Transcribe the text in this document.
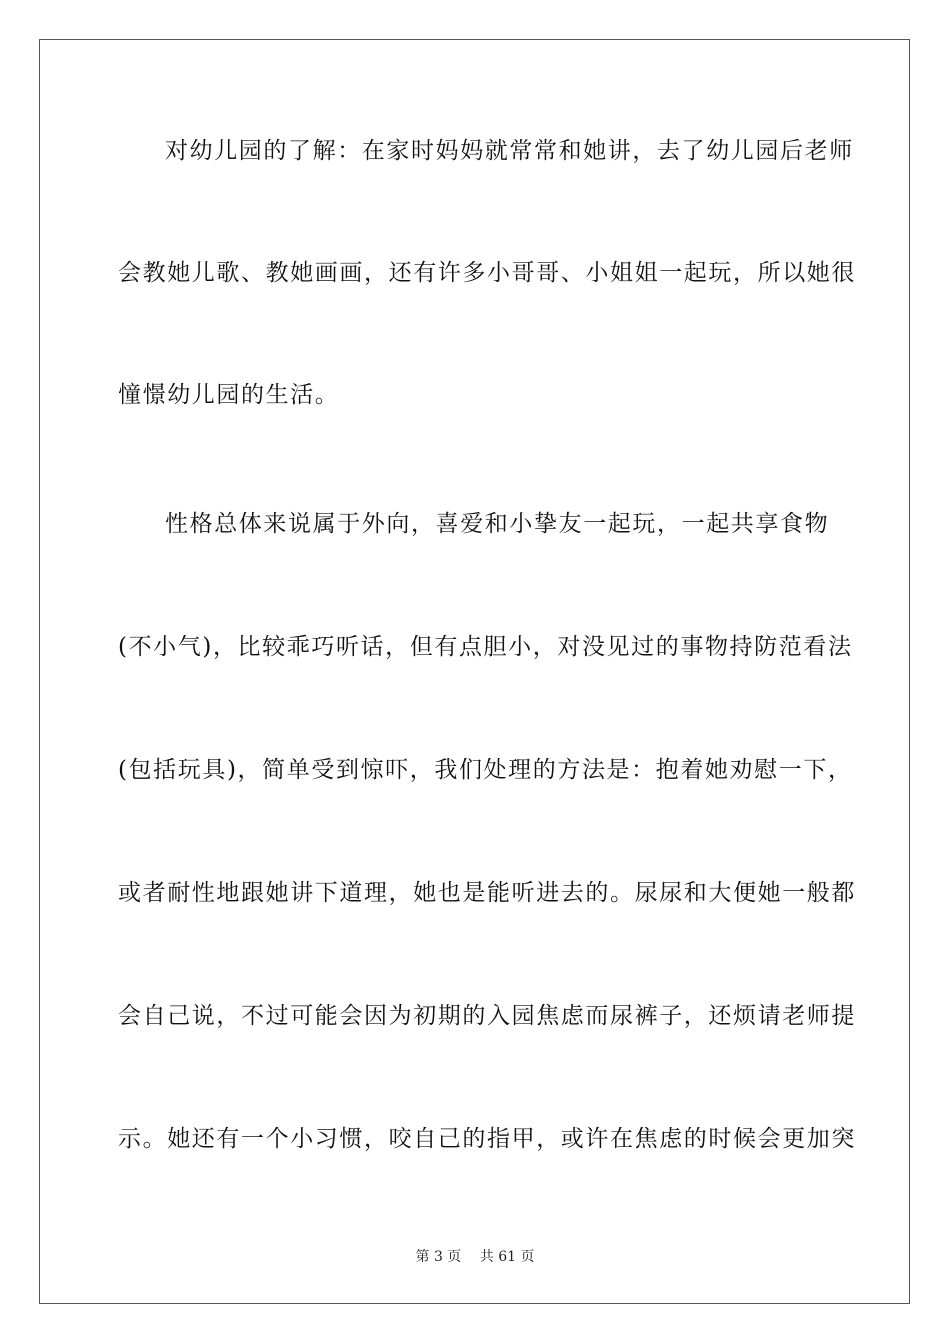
对幼儿园的了解：在家时妈妈就常常和她讲，去了幼儿园后老师
会教她儿歌、教她画画，还有许多小哥哥、小姐姐一起玩，所以她很
憧憬幼儿园的生活。
性格总体来说属于外向，喜爱和小挚友一起玩，一起共享食物
(不小气)，比较乖巧听话，但有点胆小，对没见过的事物持防范看法
(包括玩具)，简单受到惊吓，我们处理的方法是：抱着她劝慰一下，
或者耐性地跟她讲下道理，她也是能听进去的。尿尿和大便她一般都
会自己说，不过可能会因为初期的入园焦虑而尿裤子，还烦请老师提
示。她还有一个小习惯，咬自己的指甲，或许在焦虑的时候会更加突
第 3 页　 共 61 页
